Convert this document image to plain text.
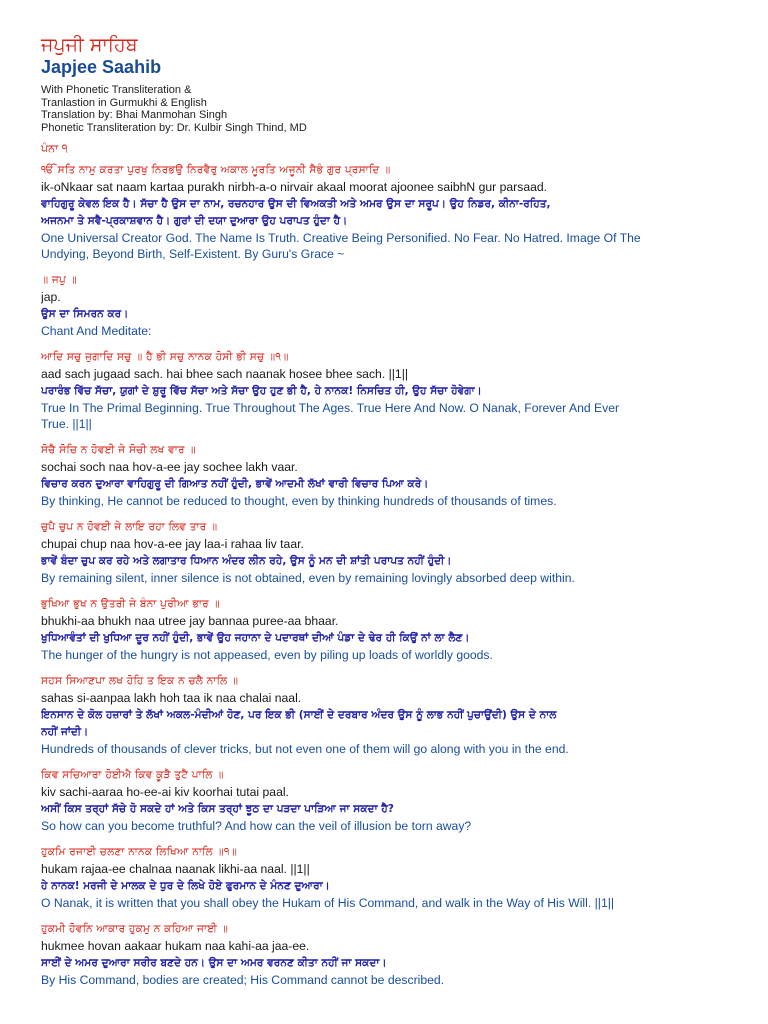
ਜਪੁਜੀ ਸਾਹਿਬ
Japjee Saahib
With Phonetic Transliteration &
Tranlastion in Gurmukhi & English
Translation by: Bhai Manmohan Singh
Phonetic Transliteration by: Dr. Kulbir Singh Thind, MD
ਪੰਨਾ ੧
ੴ ਸਤਿ ਨਾਮੁ ਕਰਤਾ ਪੁਰਖੁ ਨਿਰਭਉ ਨਿਰਵੈਰੁ ਅਕਾਲ ਮੂਰਤਿ ਅਜੂਨੀ ਸੈਭੰ ਗੁਰ ਪ੍ਰਸਾਦਿ ॥
ik-oNkaar sat naam kartaa purakh nirbh-a-o nirvair akaal moorat ajoonee saibhN gur parsaad.
ਵਾਹਿਗੁਰੂ ਕੇਵਲ ਇਕ ਹੈ। ਸੱਚਾ ਹੈ ਉਸ ਦਾ ਨਾਮ, ਰਚਨਹਾਰ ਉਸ ਦੀ ਵਿਅਕਤੀ ਅਤੇ ਅਮਰ ਉਸ ਦਾ ਸਰੂਪ। ਉਹ ਨਿਡਰ, ਕੀਨਾ-ਰਹਿਤ,
ਅਜਨਮਾ ਤੇ ਸਵੈ-ਪ੍ਰਕਾਸ਼ਵਾਨ ਹੈ। ਗੁਰਾਂ ਦੀ ਦਯਾ ਦੁਆਰਾ ਉਹ ਪਰਾਪਤ ਹੁੰਦਾ ਹੈ।
One Universal Creator God. The Name Is Truth. Creative Being Personified. No Fear. No Hatred. Image Of The
Undying, Beyond Birth, Self-Existent. By Guru's Grace ~
॥ ਜਪੁ ॥
jap.
ਉਸ ਦਾ ਸਿਮਰਨ ਕਰ।
Chant And Meditate:
ਆਦਿ ਸਚੁ ਜੁਗਾਦਿ ਸਚੁ ॥ ਹੈ ਭੀ ਸਚੁ ਨਾਨਕ ਹੋਸੀ ਭੀ ਸਚੁ ॥੧॥
aad sach jugaad sach. hai bhee sach naanak hosee bhee sach. ||1||
ਪਰਾਰੰਭ ਵਿੱਚ ਸੱਚਾ, ਯੁਗਾਂ ਦੇ ਸ਼ੁਰੂ ਵਿੱਚ ਸੱਚਾ ਅਤੇ ਸੱਚਾ ਉਹ ਹੁਣ ਭੀ ਹੈ, ਹੇ ਨਾਨਕ! ਨਿਸਚਿਤ ਹੀ, ਉਹ ਸੱਚਾ ਹੋਵੇਗਾ।
True In The Primal Beginning. True Throughout The Ages. True Here And Now. O Nanak, Forever And Ever
True. ||1||
ਸੋਚੈ ਸੋਚਿ ਨ ਹੋਵਈ ਜੇ ਸੋਚੀ ਲਖ ਵਾਰ ॥
sochai soch naa hov-a-ee jay sochee lakh vaar.
ਵਿਚਾਰ ਕਰਨ ਦੁਆਰਾ ਵਾਹਿਗੁਰੂ ਦੀ ਗਿਆਤ ਨਹੀਂ ਹੁੰਦੀ, ਭਾਵੇਂ ਆਦਮੀ ਲੱਖਾਂ ਵਾਰੀ ਵਿਚਾਰ ਪਿਆ ਕਰੇ।
By thinking, He cannot be reduced to thought, even by thinking hundreds of thousands of times.
ਚੁਪੈ ਚੁਪ ਨ ਹੋਵਈ ਜੇ ਲਾਇ ਰਹਾ ਲਿਵ ਤਾਰ ॥
chupai chup naa hov-a-ee jay laa-i rahaa liv taar.
ਭਾਵੇਂ ਬੰਦਾ ਚੁਪ ਕਰ ਰਹੇ ਅਤੇ ਲਗਾਤਾਰ ਧਿਆਨ ਅੰਦਰ ਲੀਨ ਰਹੇ, ਉਸ ਨੂੰ ਮਨ ਦੀ ਸ਼ਾਂਤੀ ਪਰਾਪਤ ਨਹੀਂ ਹੁੰਦੀ।
By remaining silent, inner silence is not obtained, even by remaining lovingly absorbed deep within.
ਭੁਖਿਆ ਭੁਖ ਨ ਉਤਰੀ ਜੇ ਬੰਨਾ ਪੁਰੀਆ ਭਾਰ ॥
bhukhi-aa bhukh naa utree jay bannaa puree-aa bhaar.
ਖੁਧਿਆਵੰਤਾਂ ਦੀ ਖੁਧਿਆ ਦੂਰ ਨਹੀਂ ਹੁੰਦੀ, ਭਾਵੇਂ ਉਹ ਜਹਾਨਾ ਦੇ ਪਦਾਰਥਾਂ ਦੀਆਂ ਪੰਡਾ ਦੇ ਢੇਰ ਹੀ ਕਿਉਂ ਨਾਂ ਲਾ ਲੈਣ।
The hunger of the hungry is not appeased, even by piling up loads of worldly goods.
ਸਹਸ ਸਿਆਣਪਾ ਲਖ ਹੋਹਿ ਤ ਇਕ ਨ ਚਲੈ ਨਾਲਿ ॥
sahas si-aanpaa lakh hoh taa ik naa chalai naal.
ਇਨਸਾਨ ਦੇ ਕੋਲ ਹਜ਼ਾਰਾਂ ਤੇ ਲੱਖਾਂ ਅਕਲ-ਮੰਦੀਆਂ ਹੋਣ, ਪਰ ਇਕ ਭੀ (ਸਾਈਂ ਦੇ ਦਰਬਾਰ ਅੰਦਰ ਉਸ ਨੂੰ ਲਾਭ ਨਹੀਂ ਪੁਚਾਉਂਦੀ) ਉਸ ਦੇ ਨਾਲ
ਨਹੀਂ ਜਾਂਦੀ।
Hundreds of thousands of clever tricks, but not even one of them will go along with you in the end.
ਕਿਵ ਸਚਿਆਰਾ ਹੋਈਐ ਕਿਵ ਕੂੜੈ ਤੁਟੈ ਪਾਲਿ ॥
kiv sachi-aaraa ho-ee-ai kiv koorhai tutai paal.
ਅਸੀਂ ਕਿਸ ਤਰ੍ਹਾਂ ਸੱਚੇ ਹੋ ਸਕਦੇ ਹਾਂ ਅਤੇ ਕਿਸ ਤਰ੍ਹਾਂ ਝੂਠ ਦਾ ਪੜਦਾ ਪਾੜਿਆ ਜਾ ਸਕਦਾ ਹੈ?
So how can you become truthful? And how can the veil of illusion be torn away?
ਹੁਕਮਿ ਰਜਾਈ ਚਲਣਾ ਨਾਨਕ ਲਿਖਿਆ ਨਾਲਿ ॥੧॥
hukam rajaa-ee chalnaa naanak likhi-aa naal. ||1||
ਹੇ ਨਾਨਕ! ਮਰਜੀ ਦੇ ਮਾਲਕ ਦੇ ਧੁਰ ਦੇ ਲਿਖੇ ਹੋਏ ਫੁਰਮਾਨ ਦੇ ਮੰਨਣ ਦੁਆਰਾ।
O Nanak, it is written that you shall obey the Hukam of His Command, and walk in the Way of His Will. ||1||
ਹੁਕਮੀ ਹੋਵਨਿ ਆਕਾਰ ਹੁਕਮੁ ਨ ਕਹਿਆ ਜਾਈ ॥
hukmee hovan aakaar hukam naa kahi-aa jaa-ee.
ਸਾਈਂ ਦੇ ਅਮਰ ਦੁਆਰਾ ਸਰੀਰ ਬਣਦੇ ਹਨ। ਉਸ ਦਾ ਅਮਰ ਵਰਨਣ ਕੀਤਾ ਨਹੀਂ ਜਾ ਸਕਦਾ।
By His Command, bodies are created; His Command cannot be described.
